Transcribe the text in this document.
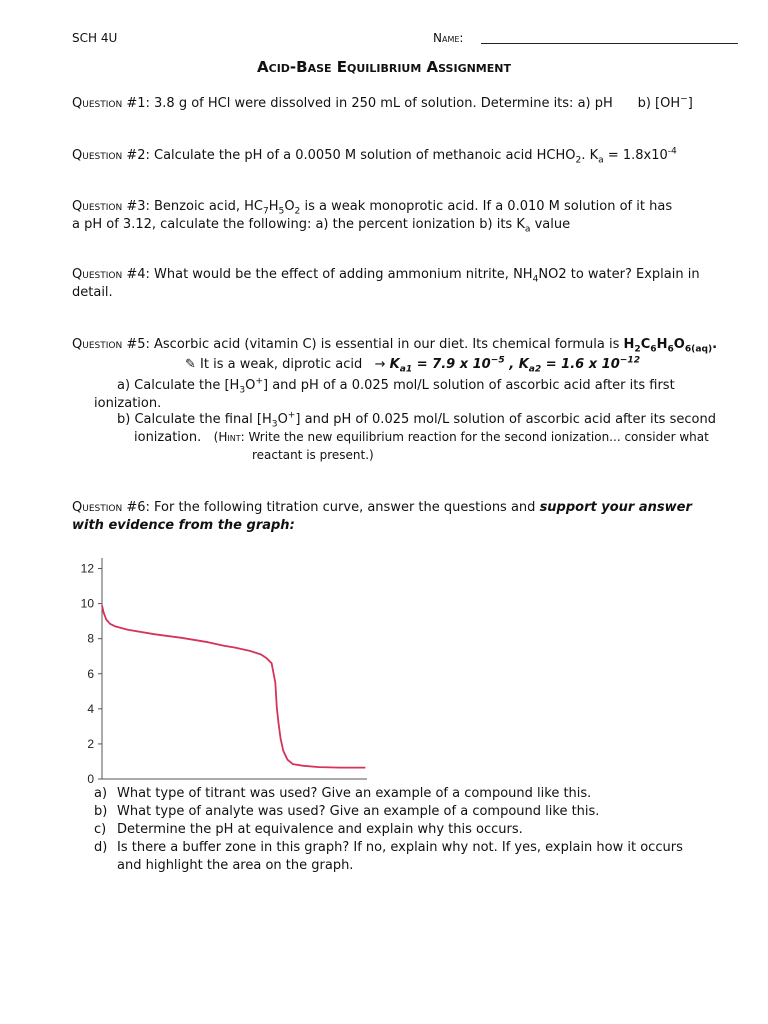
SCH 4U	Name:
Acid-Base Equilibrium Assignment
Question #1: 3.8 g of HCl were dissolved in 250 mL of solution. Determine its: a) pH b) [OH−]
Question #2: Calculate the pH of a 0.0050 M solution of methanoic acid $HCHO_2$. $K_a = 1.8x10^{-4}$
Question #3: Benzoic acid, $HC_7H_5O_2$ is a weak monoprotic acid. If a 0.010 M solution of it has
a pH of 3.12, calculate the following: a) the percent ionization b) its $K_a$ value
Question #4: What would be the effect of adding ammonium nitrite, $NH_4NO2$ to water? Explain in
detail.
Question #5: Ascorbic acid (vitamin C) is essential in our diet. Its chemical formula is $H_2C_6H_6O_{6(aq)}$.
✎ It is a weak, diprotic acid → $K_{a1} = 7.9$ x $10^{-5}$ , $K_{a2} = 1.6$ x $10^{-12}$
a) Calculate the $[H_3O^+]$ and pH of a 0.025 mol/L solution of ascorbic acid after its first
ionization.
b) Calculate the final $[H_3O^+]$ and pH of 0.025 mol/L solution of ascorbic acid after its second
ionization. (Hint: Write the new equilibrium reaction for the second ionization... consider what
reactant is present.)
Question #6: For the following titration curve, answer the questions and support your answer
with evidence from the graph:
0
2
4
6
8
10
12
a) What type of titrant was used? Give an example of a compound like this.
b) What type of analyte was used? Give an example of a compound like this.
c) Determine the pH at equivalence and explain why this occurs.
d) Is there a buffer zone in this graph? If no, explain why not. If yes, explain how it occurs
and highlight the area on the graph.
